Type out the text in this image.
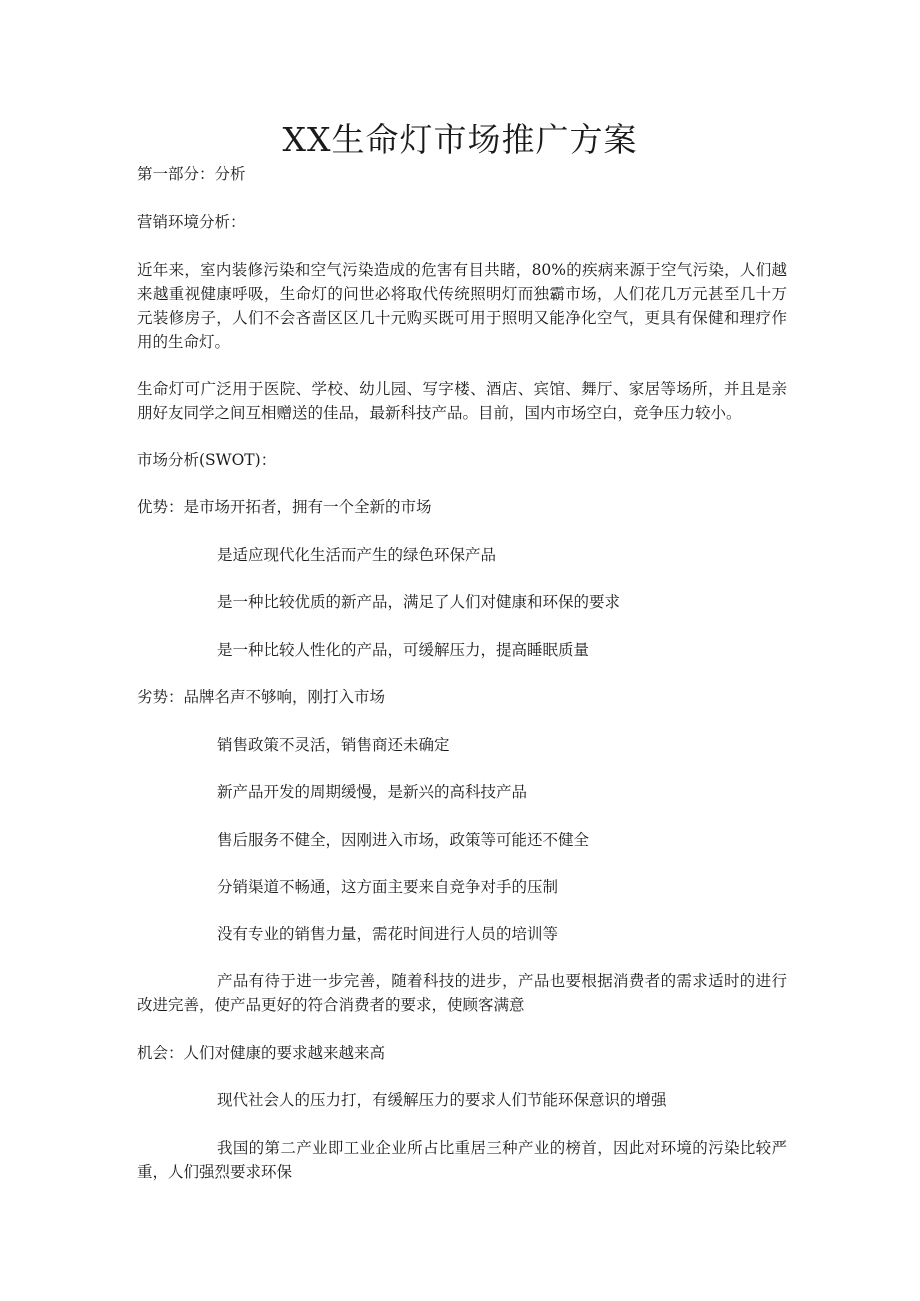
XX生命灯市场推广方案

第一部分：分析

营销环境分析：

近年来，室内装修污染和空气污染造成的危害有目共睹，80%的疾病来源于空气污染，人们越来越重视健康呼吸，生命灯的问世必将取代传统照明灯而独霸市场，人们花几万元甚至几十万元装修房子，人们不会吝啬区区几十元购买既可用于照明又能净化空气，更具有保健和理疗作用的生命灯。

生命灯可广泛用于医院、学校、幼儿园、写字楼、酒店、宾馆、舞厅、家居等场所，并且是亲朋好友同学之间互相赠送的佳品，最新科技产品。目前，国内市场空白，竞争压力较小。

市场分析(SWOT)：

优势：是市场开拓者，拥有一个全新的市场

是适应现代化生活而产生的绿色环保产品

是一种比较优质的新产品，满足了人们对健康和环保的要求

是一种比较人性化的产品，可缓解压力，提高睡眠质量

劣势：品牌名声不够响，刚打入市场

销售政策不灵活，销售商还未确定

新产品开发的周期缓慢，是新兴的高科技产品

售后服务不健全，因刚进入市场，政策等可能还不健全

分销渠道不畅通，这方面主要来自竞争对手的压制

没有专业的销售力量，需花时间进行人员的培训等

产品有待于进一步完善，随着科技的进步，产品也要根据消费者的需求适时的进行改进完善，使产品更好的符合消费者的要求，使顾客满意

机会：人们对健康的要求越来越来高

现代社会人的压力打，有缓解压力的要求人们节能环保意识的增强

我国的第二产业即工业企业所占比重居三种产业的榜首，因此对环境的污染比较严重，人们强烈要求环保
